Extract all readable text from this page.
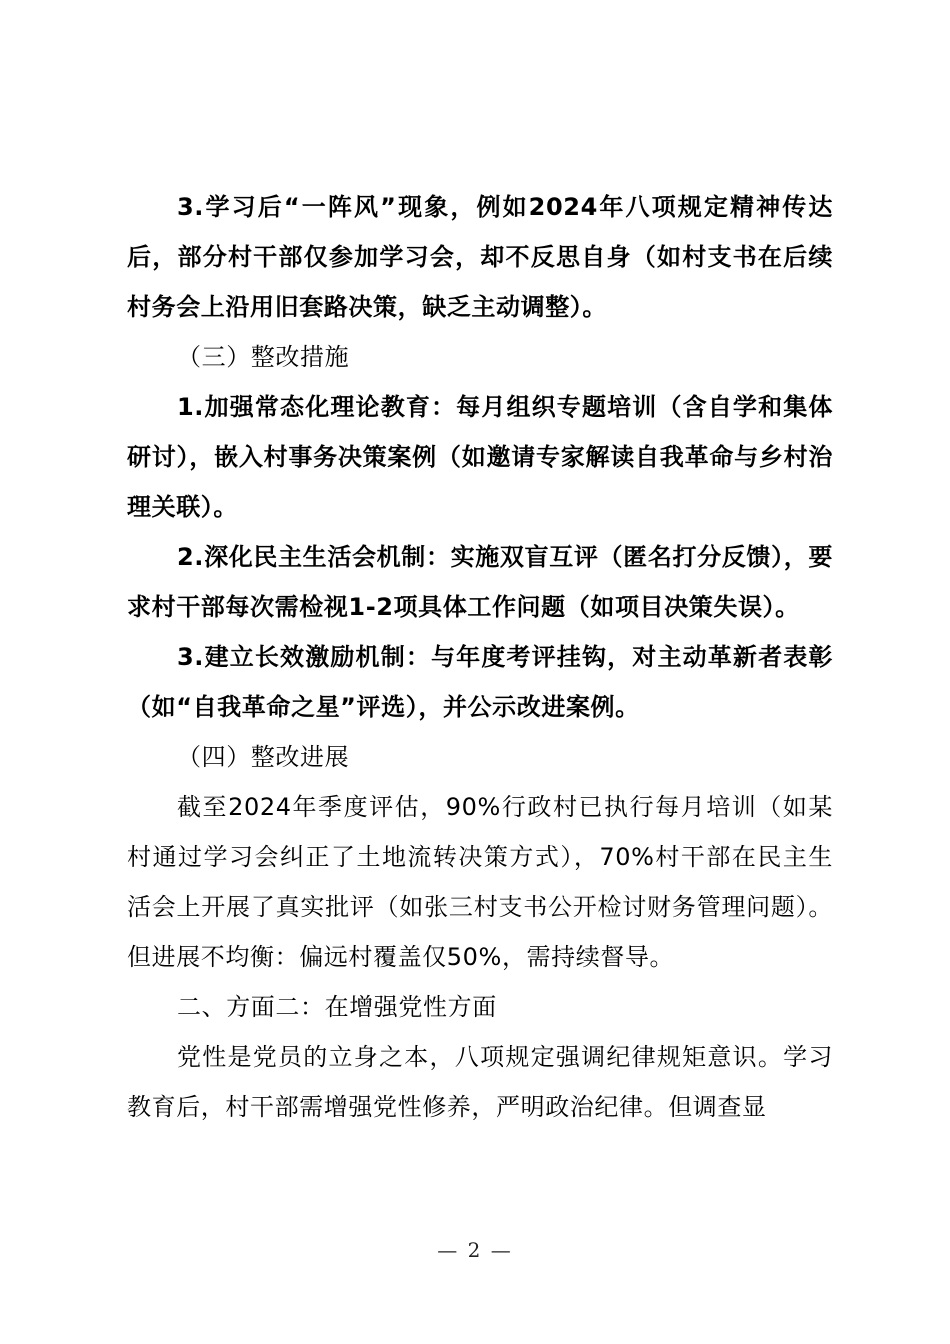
3.学习后“一阵风”现象，例如2024年八项规定精神传达后，部分村干部仅参加学习会，却不反思自身（如村支书在后续村务会上沿用旧套路决策，缺乏主动调整）。

（三）整改措施

1.加强常态化理论教育：每月组织专题培训（含自学和集体研讨），嵌入村事务决策案例（如邀请专家解读自我革命与乡村治理关联）。

2.深化民主生活会机制：实施双盲互评（匿名打分反馈），要求村干部每次需检视1-2项具体工作问题（如项目决策失误）。

3.建立长效激励机制：与年度考评挂钩，对主动革新者表彰（如“自我革命之星”评选），并公示改进案例。

（四）整改进展

截至2024年季度评估，90%行政村已执行每月培训（如某村通过学习会纠正了土地流转决策方式），70%村干部在民主生活会上开展了真实批评（如张三村支书公开检讨财务管理问题）。但进展不均衡：偏远村覆盖仅50%，需持续督导。

二、方面二：在增强党性方面

党性是党员的立身之本，八项规定强调纪律规矩意识。学习教育后，村干部需增强党性修养，严明政治纪律。但调查显

— 2 —
